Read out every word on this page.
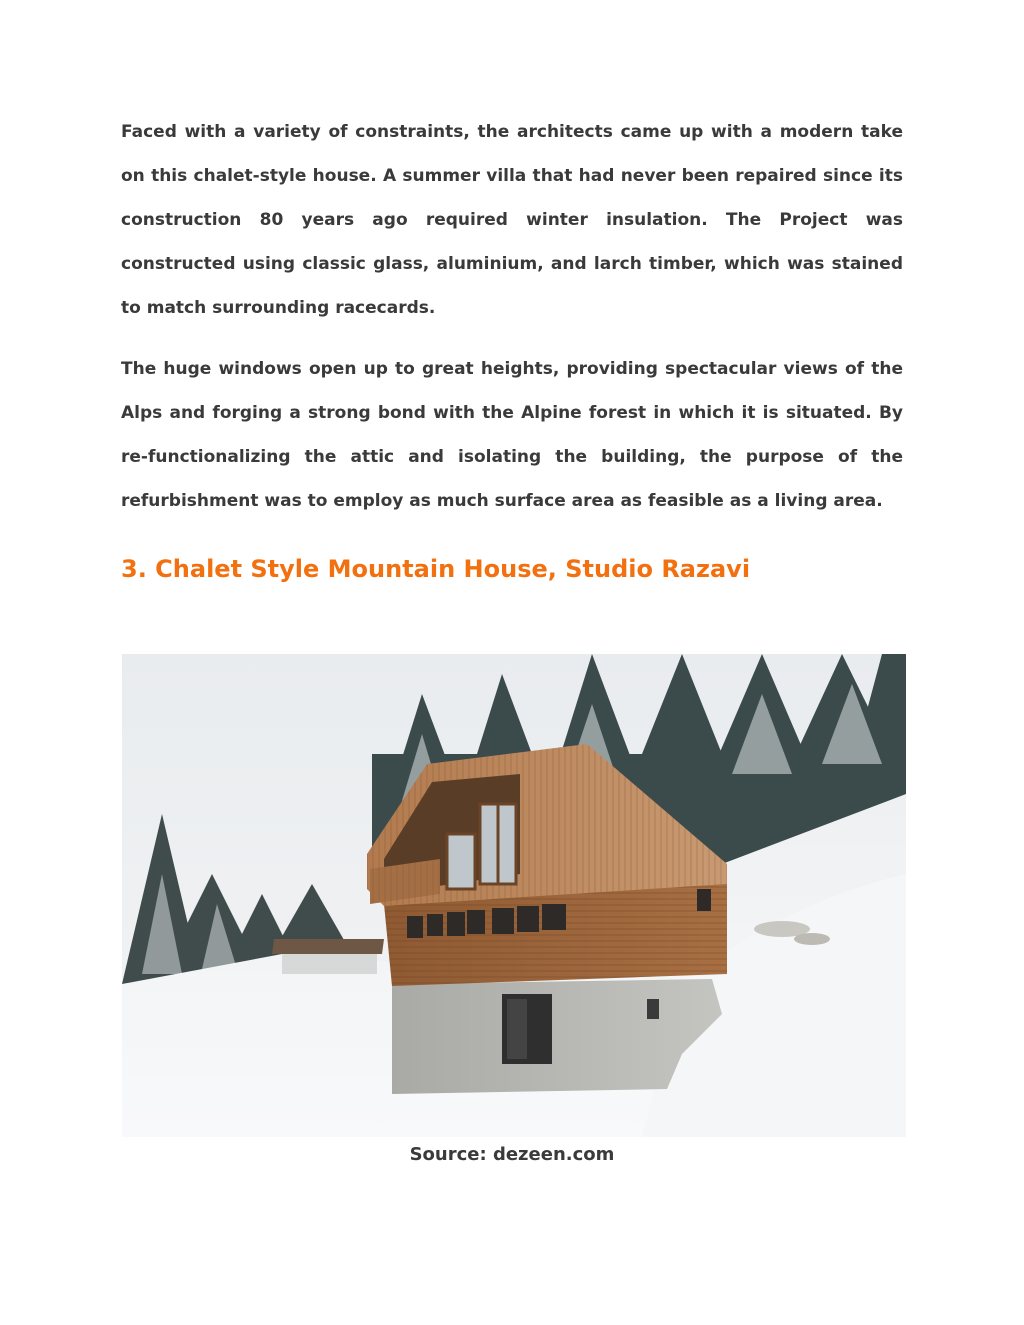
Faced with a variety of constraints, the architects came up with a modern take on this chalet-style house. A summer villa that had never been repaired since its construction 80 years ago required winter insulation. The Project was constructed using classic glass, aluminium, and larch timber, which was stained to match surrounding racecards.

The huge windows open up to great heights, providing spectacular views of the Alps and forging a strong bond with the Alpine forest in which it is situated. By re-functionalizing the attic and isolating the building, the purpose of the refurbishment was to employ as much surface area as feasible as a living area.

3. Chalet Style Mountain House, Studio Razavi
Source: dezeen.com
